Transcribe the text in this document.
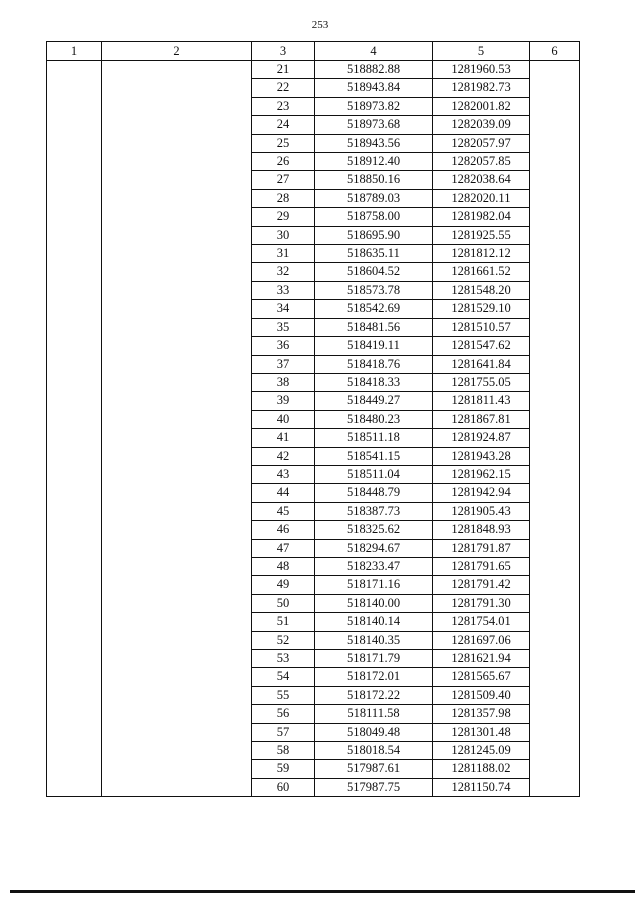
253
1	2	3	4	5	6
		21	518882.88	1281960.53	
		22	518943.84	1281982.73	
		23	518973.82	1282001.82	
		24	518973.68	1282039.09	
		25	518943.56	1282057.97	
		26	518912.40	1282057.85	
		27	518850.16	1282038.64	
		28	518789.03	1282020.11	
		29	518758.00	1281982.04	
		30	518695.90	1281925.55	
		31	518635.11	1281812.12	
		32	518604.52	1281661.52	
		33	518573.78	1281548.20	
		34	518542.69	1281529.10	
		35	518481.56	1281510.57	
		36	518419.11	1281547.62	
		37	518418.76	1281641.84	
		38	518418.33	1281755.05	
		39	518449.27	1281811.43	
		40	518480.23	1281867.81	
		41	518511.18	1281924.87	
		42	518541.15	1281943.28	
		43	518511.04	1281962.15	
		44	518448.79	1281942.94	
		45	518387.73	1281905.43	
		46	518325.62	1281848.93	
		47	518294.67	1281791.87	
		48	518233.47	1281791.65	
		49	518171.16	1281791.42	
		50	518140.00	1281791.30	
		51	518140.14	1281754.01	
		52	518140.35	1281697.06	
		53	518171.79	1281621.94	
		54	518172.01	1281565.67	
		55	518172.22	1281509.40	
		56	518111.58	1281357.98	
		57	518049.48	1281301.48	
		58	518018.54	1281245.09	
		59	517987.61	1281188.02	
		60	517987.75	1281150.74	
